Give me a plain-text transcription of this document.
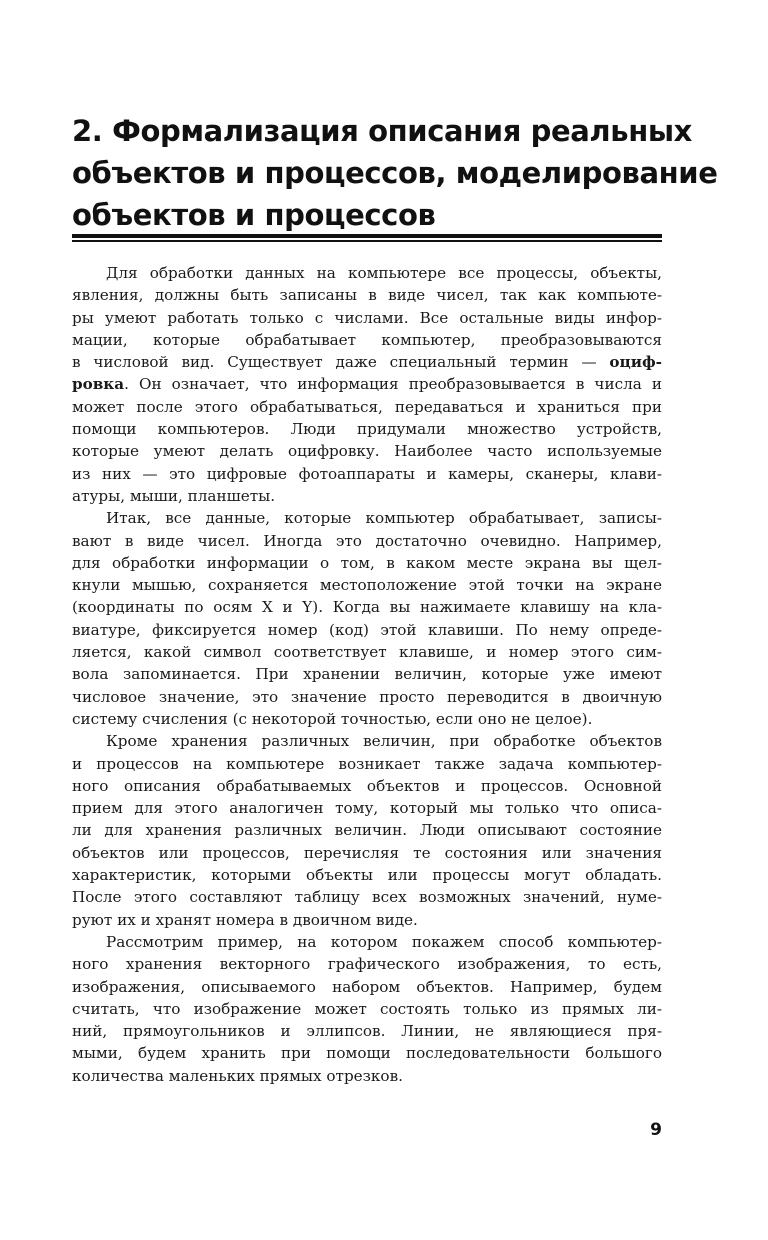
2. Формализация описания реальных
объектов и процессов, моделирование
объектов и процессов

Для обработки данных на компьютере все процессы, объекты,
явления, должны быть записаны в виде чисел, так как компьюте-
ры умеют работать только с числами. Все остальные виды инфор-
мации, которые обрабатывает компьютер, преобразовываются
в числовой вид. Существует даже специальный термин — оциф-
ровка. Он означает, что информация преобразовывается в числа и
может после этого обрабатываться, передаваться и храниться при
помощи компьютеров. Люди придумали множество устройств,
которые умеют делать оцифровку. Наиболее часто используемые
из них — это цифровые фотоаппараты и камеры, сканеры, клави-
атуры, мыши, планшеты.

Итак, все данные, которые компьютер обрабатывает, записы-
вают в виде чисел. Иногда это достаточно очевидно. Например,
для обработки информации о том, в каком месте экрана вы щел-
кнули мышью, сохраняется местоположение этой точки на экране
(координаты по осям X и Y). Когда вы нажимаете клавишу на кла-
виатуре, фиксируется номер (код) этой клавиши. По нему опреде-
ляется, какой символ соответствует клавише, и номер этого сим-
вола запоминается. При хранении величин, которые уже имеют
числовое значение, это значение просто переводится в двоичную
систему счисления (с некоторой точностью, если оно не целое).

Кроме хранения различных величин, при обработке объектов
и процессов на компьютере возникает также задача компьютер-
ного описания обрабатываемых объектов и процессов. Основной
прием для этого аналогичен тому, который мы только что описа-
ли для хранения различных величин. Люди описывают состояние
объектов или процессов, перечисляя те состояния или значения
характеристик, которыми объекты или процессы могут обладать.
После этого составляют таблицу всех возможных значений, нуме-
руют их и хранят номера в двоичном виде.

Рассмотрим пример, на котором покажем способ компьютер-
ного хранения векторного графического изображения, то есть,
изображения, описываемого набором объектов. Например, будем
считать, что изображение может состоять только из прямых ли-
ний, прямоугольников и эллипсов. Линии, не являющиеся пря-
мыми, будем хранить при помощи последовательности большого
количества маленьких прямых отрезков.

9
